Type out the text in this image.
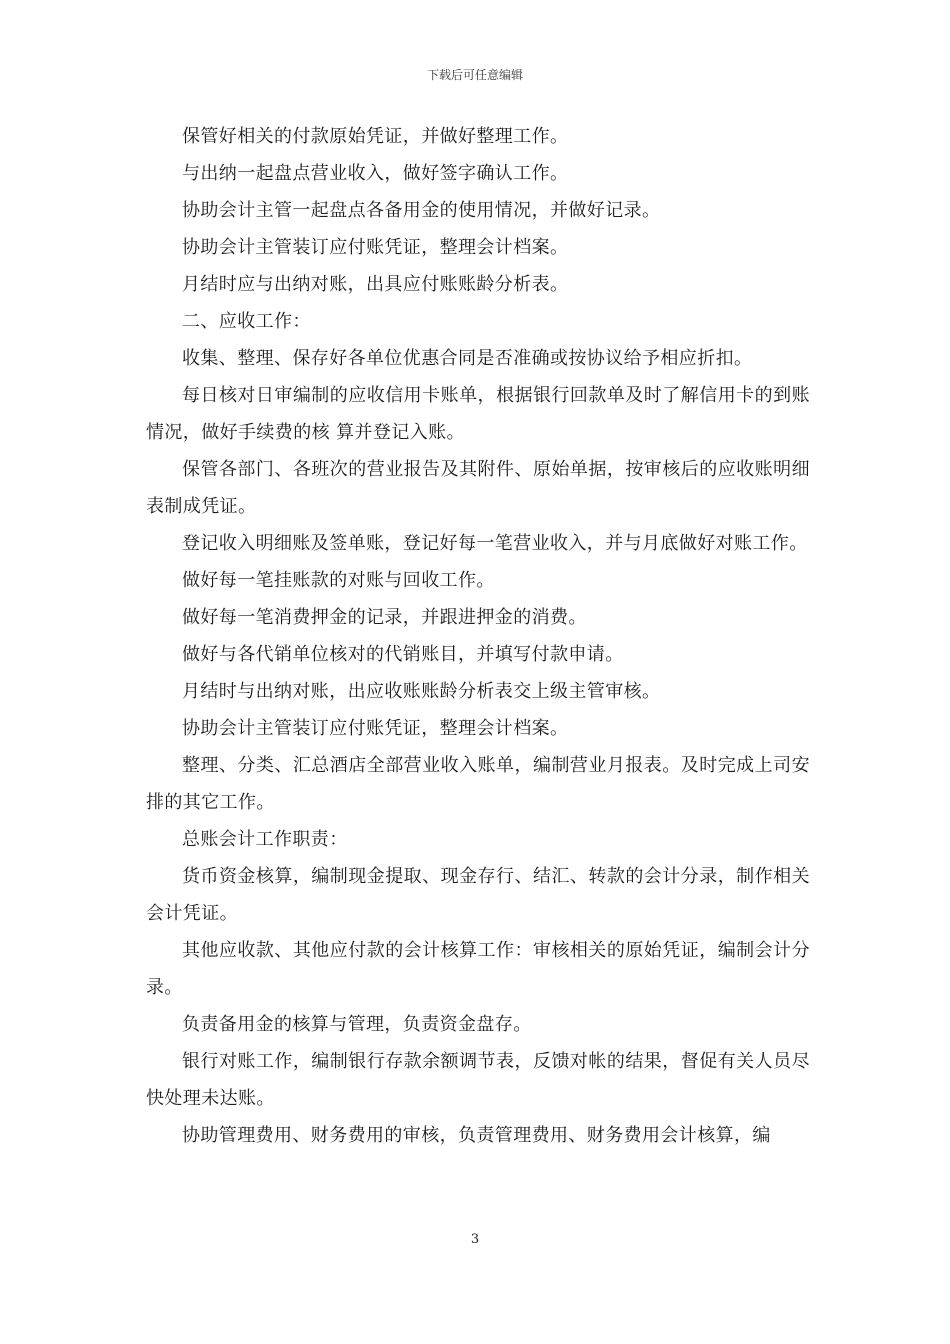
下载后可任意编辑

保管好相关的付款原始凭证，并做好整理工作。

与出纳一起盘点营业收入，做好签字确认工作。

协助会计主管一起盘点各备用金的使用情况，并做好记录。

协助会计主管装订应付账凭证，整理会计档案。

月结时应与出纳对账，出具应付账账龄分析表。

二、应收工作：

收集、整理、保存好各单位优惠合同是否准确或按协议给予相应折扣。

每日核对日审编制的应收信用卡账单，根据银行回款单及时了解信用卡的到账情况，做好手续费的核 算并登记入账。

保管各部门、各班次的营业报告及其附件、原始单据，按审核后的应收账明细表制成凭证。

登记收入明细账及签单账，登记好每一笔营业收入，并与月底做好对账工作。

做好每一笔挂账款的对账与回收工作。

做好每一笔消费押金的记录，并跟进押金的消费。

做好与各代销单位核对的代销账目，并填写付款申请。

月结时与出纳对账，出应收账账龄分析表交上级主管审核。

协助会计主管装订应付账凭证，整理会计档案。

整理、分类、汇总酒店全部营业收入账单，编制营业月报表。及时完成上司安排的其它工作。

总账会计工作职责：

货币资金核算，编制现金提取、现金存行、结汇、转款的会计分录，制作相关会计凭证。

其他应收款、其他应付款的会计核算工作：审核相关的原始凭证，编制会计分录。

负责备用金的核算与管理，负责资金盘存。

银行对账工作，编制银行存款余额调节表，反馈对帐的结果，督促有关人员尽快处理未达账。

协助管理费用、财务费用的审核，负责管理费用、财务费用会计核算，编

3
